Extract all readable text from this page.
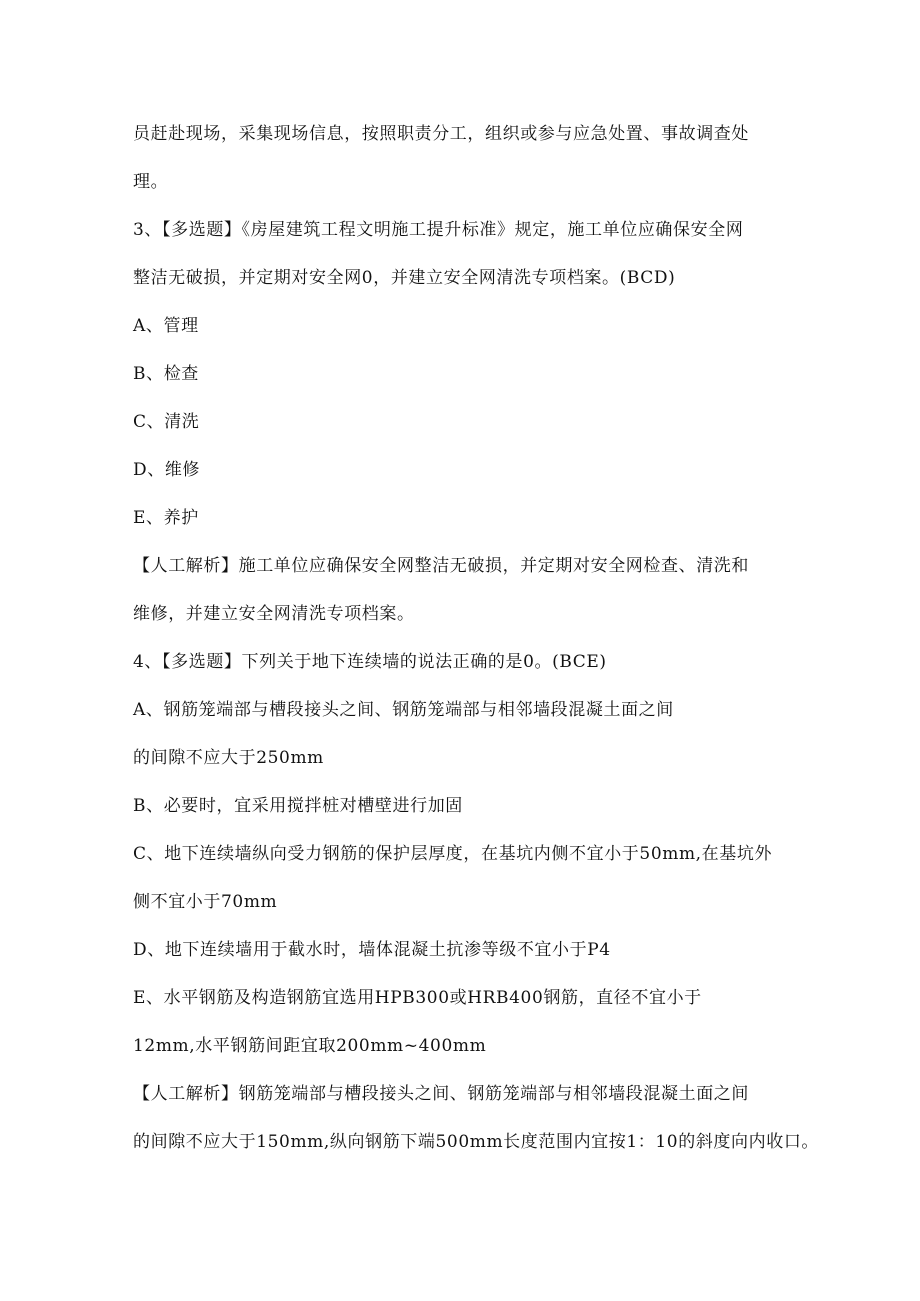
员赶赴现场，采集现场信息，按照职责分工，组织或参与应急处置、事故调查处
理。
3、【多选题】《房屋建筑工程文明施工提升标准》规定，施工单位应确保安全网
整洁无破损，并定期对安全网0，并建立安全网清洗专项档案。(BCD)
A、管理
B、检查
C、清洗
D、维修
E、养护
【人工解析】施工单位应确保安全网整洁无破损，并定期对安全网检查、清洗和
维修，并建立安全网清洗专项档案。
4、【多选题】下列关于地下连续墙的说法正确的是0。(BCE)
A、钢筋笼端部与槽段接头之间、钢筋笼端部与相邻墙段混凝土面之间
的间隙不应大于250mm
B、必要时，宜采用搅拌桩对槽壁进行加固
C、地下连续墙纵向受力钢筋的保护层厚度，在基坑内侧不宜小于50mm,在基坑外
侧不宜小于70mm
D、地下连续墙用于截水时，墙体混凝土抗渗等级不宜小于P4
E、水平钢筋及构造钢筋宜选用HPB300或HRB400钢筋，直径不宜小于
12mm,水平钢筋间距宜取200mm~400mm
【人工解析】钢筋笼端部与槽段接头之间、钢筋笼端部与相邻墙段混凝土面之间
的间隙不应大于150mm,纵向钢筋下端500mm长度范围内宜按1：10的斜度向内收口。
